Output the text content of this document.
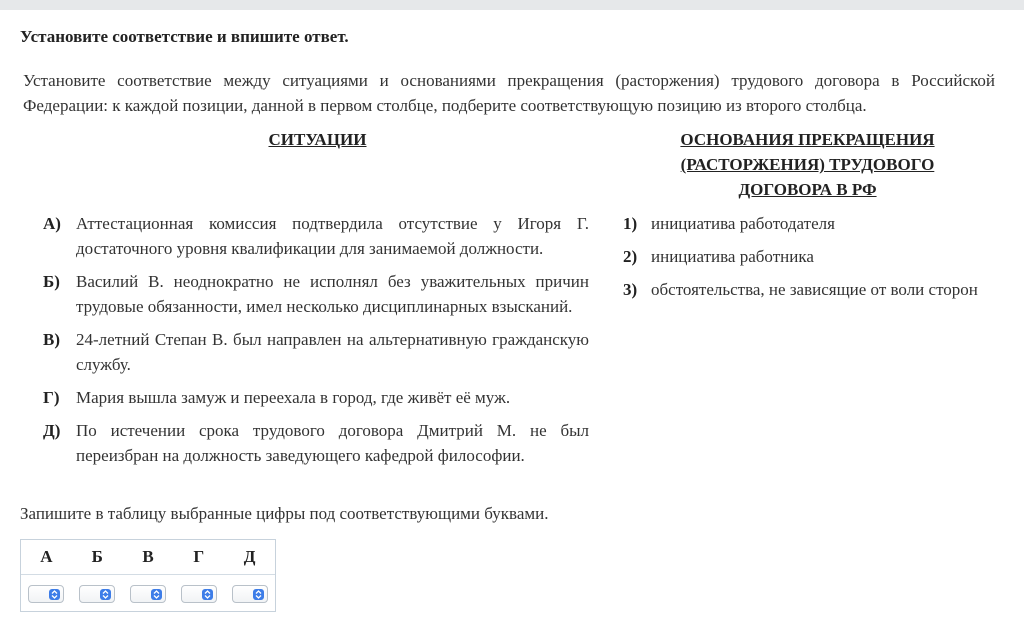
Установите соответствие и впишите ответ.
Установите соответствие между ситуациями и основаниями прекращения (расторжения) трудового договора в Российской Федерации: к каждой позиции, данной в первом столбце, подберите соответствующую позицию из второго столбца.
СИТУАЦИИ	ОСНОВАНИЯ ПРЕКРАЩЕНИЯ (РАСТОРЖЕНИЯ) ТРУДОВОГО ДОГОВОРА В РФ
А) Аттестационная комиссия подтвердила отсутствие у Игоря Г. достаточного уровня квалификации для занимаемой должности.
Б) Василий В. неоднократно не исполнял без уважительных причин трудовые обязанности, имел несколько дисциплинарных взысканий.
В) 24-летний Степан В. был направлен на альтернативную гражданскую службу.
Г) Мария вышла замуж и переехала в город, где живёт её муж.
Д) По истечении срока трудового договора Дмитрий М. не был переизбран на должность заведующего кафедрой философии.
1) инициатива работодателя
2) инициатива работника
3) обстоятельства, не зависящие от воли сторон
Запишите в таблицу выбранные цифры под соответствующими буквами.
А	Б	В	Г	Д
